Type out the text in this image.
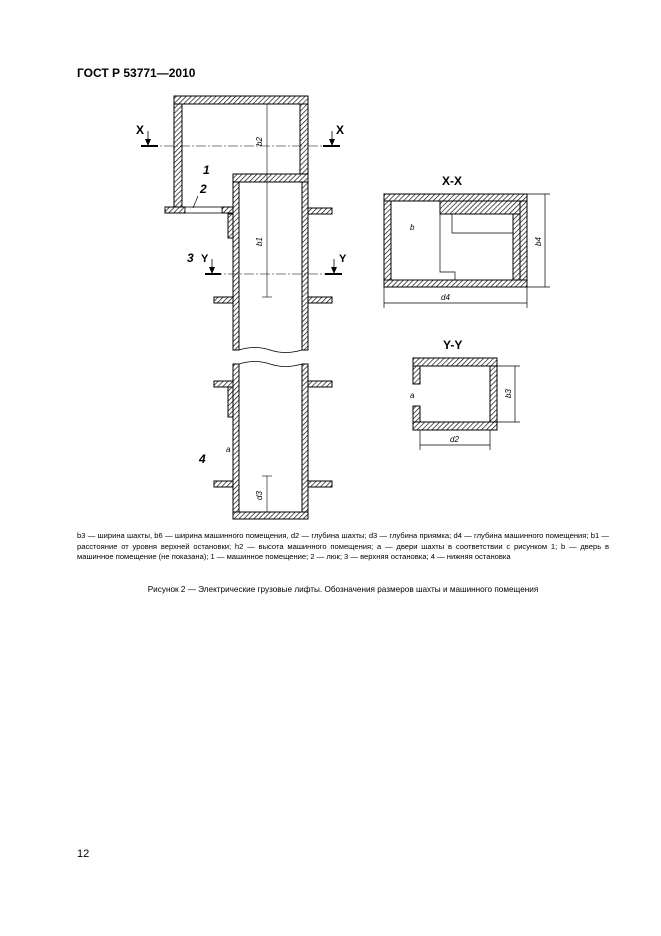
ГОСТ Р 53771—2010
X	X
Y	Y
1
2
3
4
b2
b1
d3
a
X-X
b
d4
b4
Y-Y
a
d2
b3
b3 — ширина шахты, b6 — ширина машинного помещения, d2 — глубина шахты; d3 — глубина приямка; d4 — глубина машинного помещения; b1 — расстояние от уровня верхней остановки; h2 — высота машинного помещения; a — двери шахты в соответствии с рисунком 1; b — дверь в машинное помещение (не показана); 1 — машинное помещение; 2 — люк; 3 — верхняя остановка; 4 — нижняя остановка
Рисунок 2 — Электрические грузовые лифты. Обозначения размеров шахты и машинного помещения
12
